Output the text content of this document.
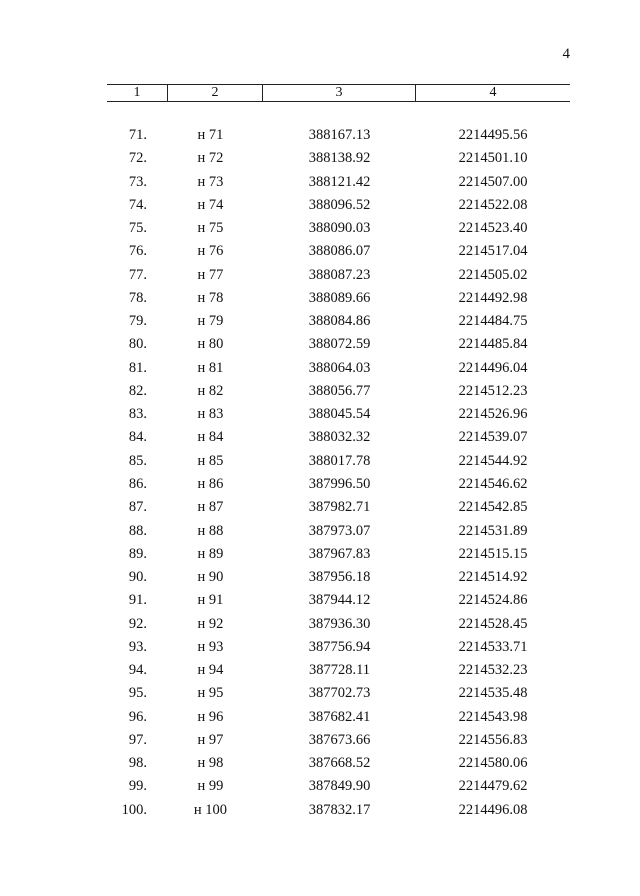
4
1	2	3	4
71.	н 71	388167.13	2214495.56
72.	н 72	388138.92	2214501.10
73.	н 73	388121.42	2214507.00
74.	н 74	388096.52	2214522.08
75.	н 75	388090.03	2214523.40
76.	н 76	388086.07	2214517.04
77.	н 77	388087.23	2214505.02
78.	н 78	388089.66	2214492.98
79.	н 79	388084.86	2214484.75
80.	н 80	388072.59	2214485.84
81.	н 81	388064.03	2214496.04
82.	н 82	388056.77	2214512.23
83.	н 83	388045.54	2214526.96
84.	н 84	388032.32	2214539.07
85.	н 85	388017.78	2214544.92
86.	н 86	387996.50	2214546.62
87.	н 87	387982.71	2214542.85
88.	н 88	387973.07	2214531.89
89.	н 89	387967.83	2214515.15
90.	н 90	387956.18	2214514.92
91.	н 91	387944.12	2214524.86
92.	н 92	387936.30	2214528.45
93.	н 93	387756.94	2214533.71
94.	н 94	387728.11	2214532.23
95.	н 95	387702.73	2214535.48
96.	н 96	387682.41	2214543.98
97.	н 97	387673.66	2214556.83
98.	н 98	387668.52	2214580.06
99.	н 99	387849.90	2214479.62
100.	н 100	387832.17	2214496.08
